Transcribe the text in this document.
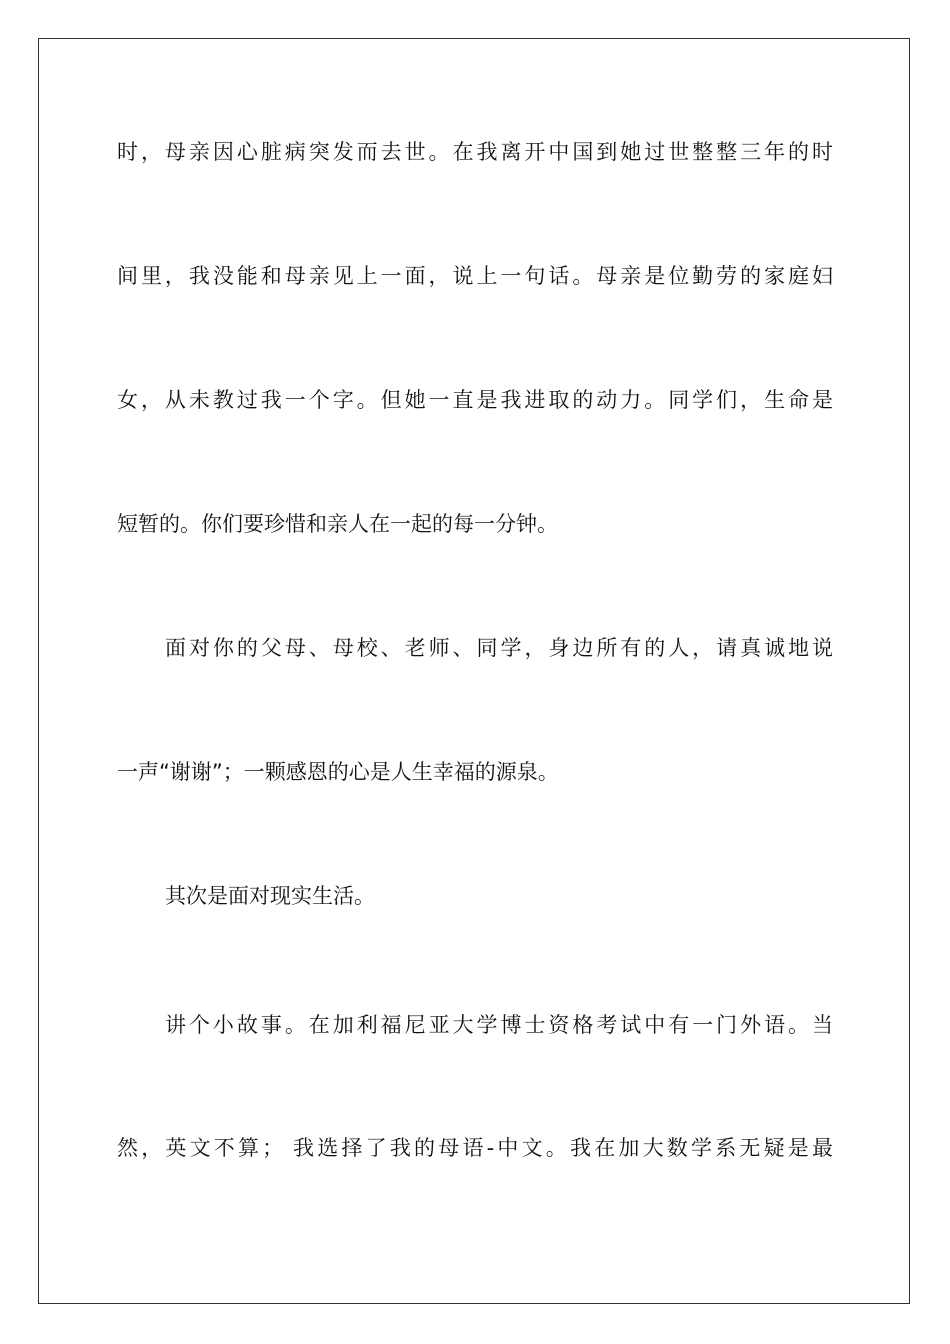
时，母亲因心脏病突发而去世。在我离开中国到她过世整整三年的时
间里，我没能和母亲见上一面，说上一句话。母亲是位勤劳的家庭妇
女，从未教过我一个字。但她一直是我进取的动力。同学们，生命是
短暂的。你们要珍惜和亲人在一起的每一分钟。
面对你的父母、母校、老师、同学，身边所有的人，请真诚地说
一声“谢谢”；一颗感恩的心是人生幸福的源泉。
其次是面对现实生活。
讲个小故事。在加利福尼亚大学博士资格考试中有一门外语。当
然，英文不算； 我选择了我的母语-中文。我在加大数学系无疑是最
